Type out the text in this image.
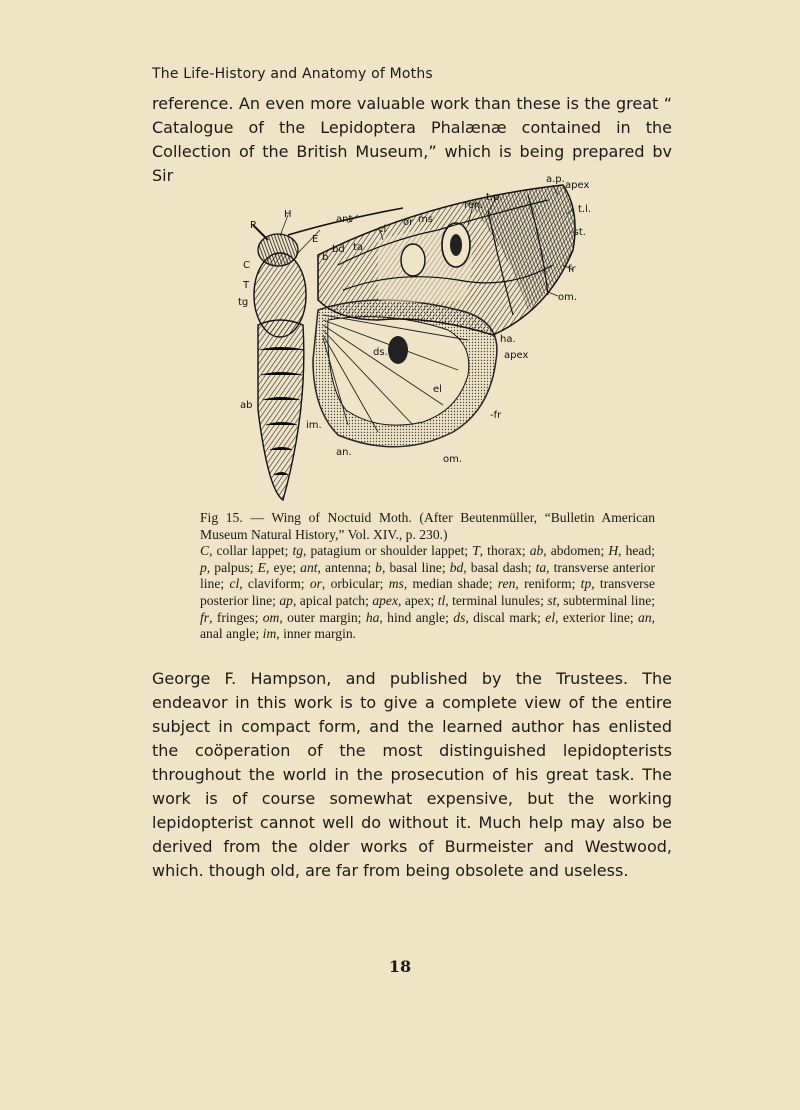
The Life-History and Anatomy of Moths

reference. An even more valuable work than these is the great “ Catalogue of the Lepidoptera Phalænæ contained in the Collection of the British Museum,” which is being prepared bv Sir

P
H
C
T
tg
E
ant
b
bd ta
cl
or ms
ren.
t.p.
a.p.
apex
t.l.
-st.
fr
om.
ha.
apex
ds.
el
-fr
ab
im.
an.
om.

Fig 15. — Wing of Noctuid Moth. (After Beutenmüller, “Bulletin American Museum Natural History,” Vol. XIV., p. 230.)
C, collar lappet; tg, patagium or shoulder lappet; T, thorax; ab, abdomen; H, head; p, palpus; E, eye; ant, antenna; b, basal line; bd, basal dash; ta, transverse anterior line; cl, claviform; or, orbicular; ms, median shade; ren, reniform; tp, transverse posterior line; ap, apical patch; apex, apex; tl, terminal lunules; st, subterminal line; fr, fringes; om, outer margin; ha, hind angle; ds, discal mark; el, exterior line; an, anal angle; im, inner margin.

George F. Hampson, and published by the Trustees. The endeavor in this work is to give a complete view of the entire subject in compact form, and the learned author has enlisted the coöperation of the most distinguished lepidopterists throughout the world in the prosecution of his great task. The work is of course somewhat expensive, but the working lepidopterist cannot well do without it. Much help may also be derived from the older works of Burmeister and Westwood, which. though old, are far from being obsolete and useless.

18
